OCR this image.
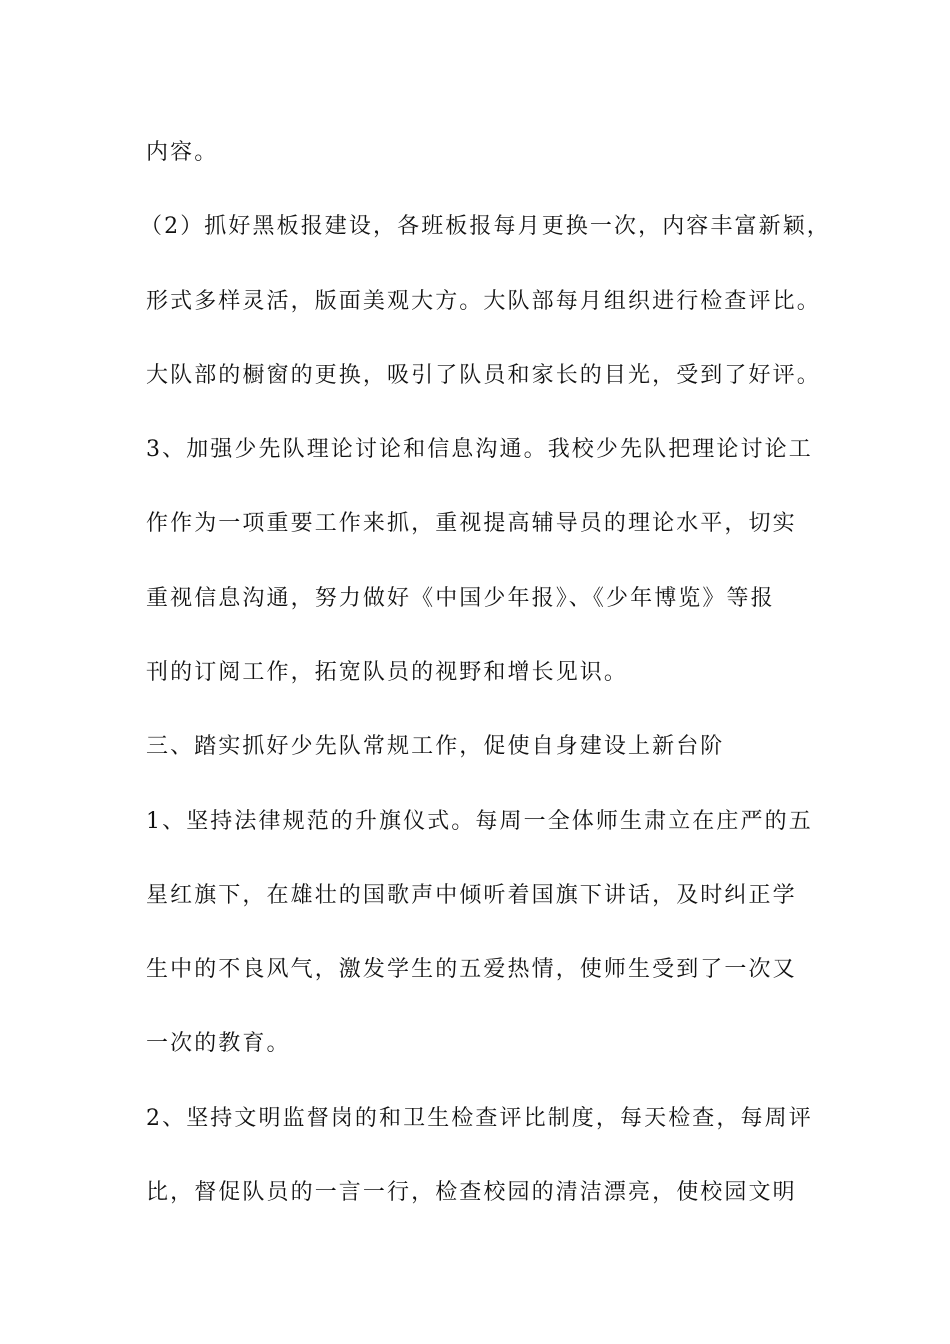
内容。
（2）抓好黑板报建设，各班板报每月更换一次，内容丰富新颖，
形式多样灵活，版面美观大方。大队部每月组织进行检查评比。
大队部的橱窗的更换，吸引了队员和家长的目光，受到了好评。
3、加强少先队理论讨论和信息沟通。我校少先队把理论讨论工
作作为一项重要工作来抓，重视提高辅导员的理论水平，切实
重视信息沟通，努力做好《中国少年报》、《少年博览》等报
刊的订阅工作，拓宽队员的视野和增长见识。
三、踏实抓好少先队常规工作，促使自身建设上新台阶
1、坚持法律规范的升旗仪式。每周一全体师生肃立在庄严的五
星红旗下，在雄壮的国歌声中倾听着国旗下讲话，及时纠正学
生中的不良风气，激发学生的五爱热情，使师生受到了一次又
一次的教育。
2、坚持文明监督岗的和卫生检查评比制度，每天检查，每周评
比，督促队员的一言一行，检查校园的清洁漂亮，使校园文明
